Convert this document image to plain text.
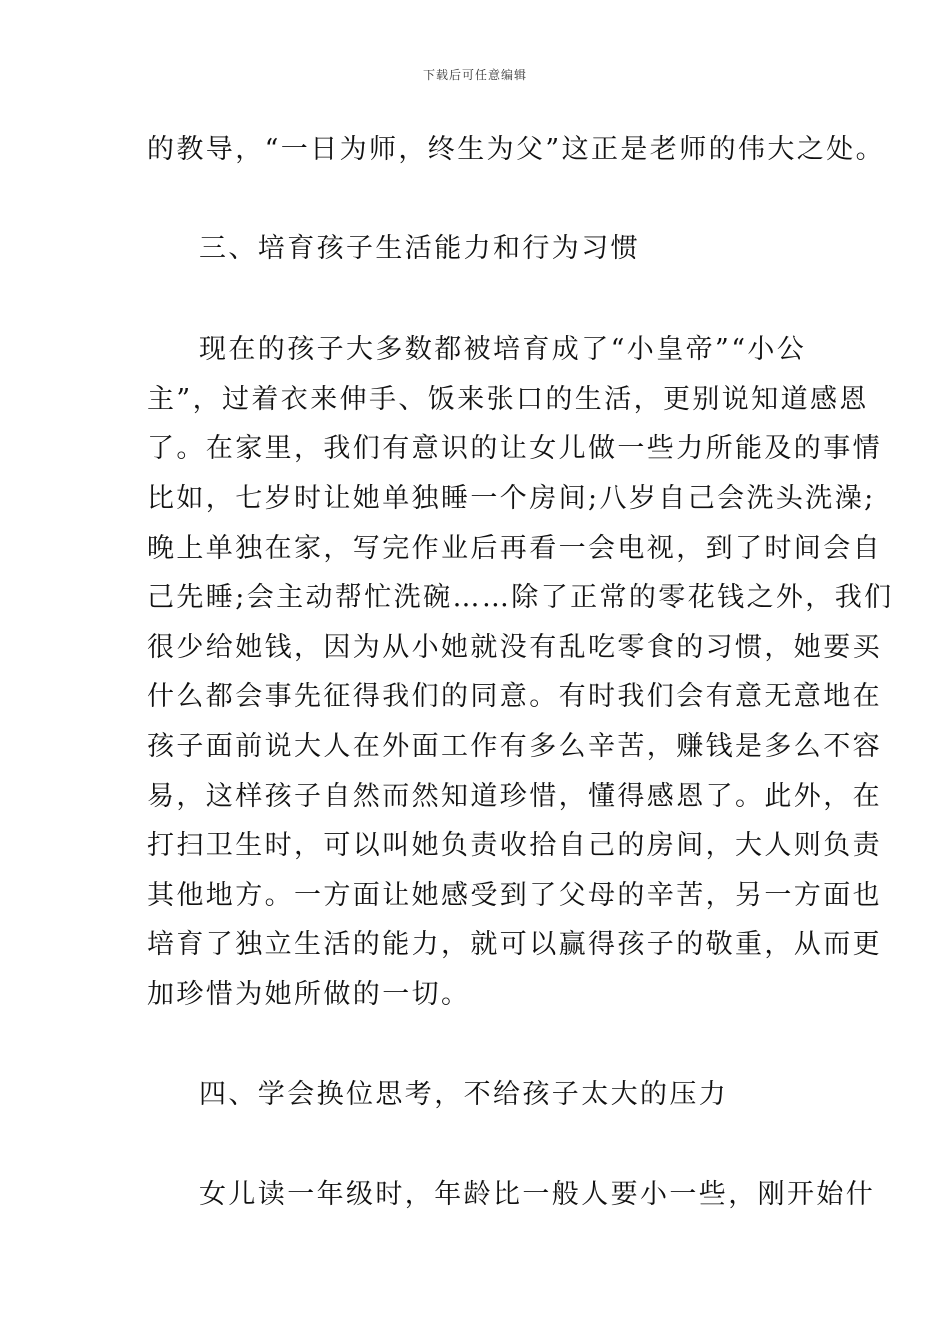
下载后可任意编辑
的教导，“一日为师，终生为父”这正是老师的伟大之处。
三、培育孩子生活能力和行为习惯
现在的孩子大多数都被培育成了“小皇帝”“小公
主”，过着衣来伸手、饭来张口的生活，更别说知道感恩
了。在家里，我们有意识的让女儿做一些力所能及的事情
比如，七岁时让她单独睡一个房间;八岁自己会洗头洗澡;
晚上单独在家，写完作业后再看一会电视，到了时间会自
己先睡;会主动帮忙洗碗……除了正常的零花钱之外，我们
很少给她钱，因为从小她就没有乱吃零食的习惯，她要买
什么都会事先征得我们的同意。有时我们会有意无意地在
孩子面前说大人在外面工作有多么辛苦，赚钱是多么不容
易，这样孩子自然而然知道珍惜，懂得感恩了。此外，在
打扫卫生时，可以叫她负责收拾自己的房间，大人则负责
其他地方。一方面让她感受到了父母的辛苦，另一方面也
培育了独立生活的能力，就可以赢得孩子的敬重，从而更
加珍惜为她所做的一切。
四、学会换位思考，不给孩子太大的压力
女儿读一年级时，年龄比一般人要小一些，刚开始什
